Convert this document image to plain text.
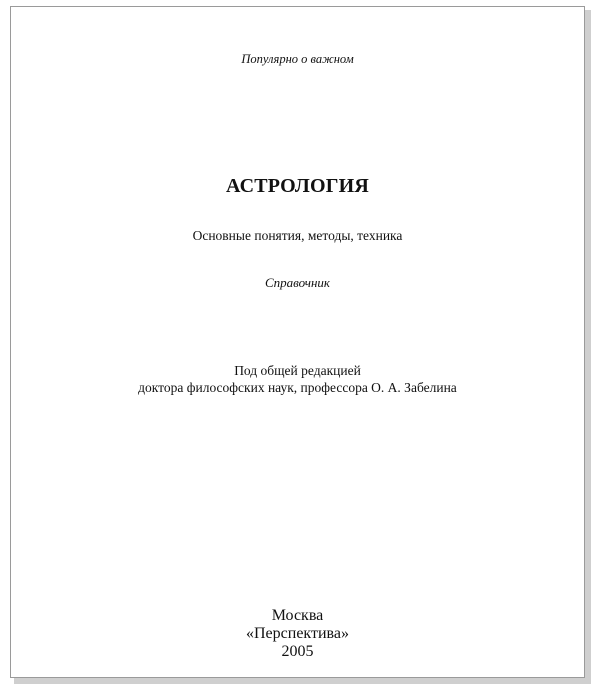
Популярно о важном
АСТРОЛОГИЯ
Основные понятия, методы, техника
Справочник
Под общей редакцией
доктора философских наук, профессора О. А. Забелина
Москва
«Перспектива»
2005
